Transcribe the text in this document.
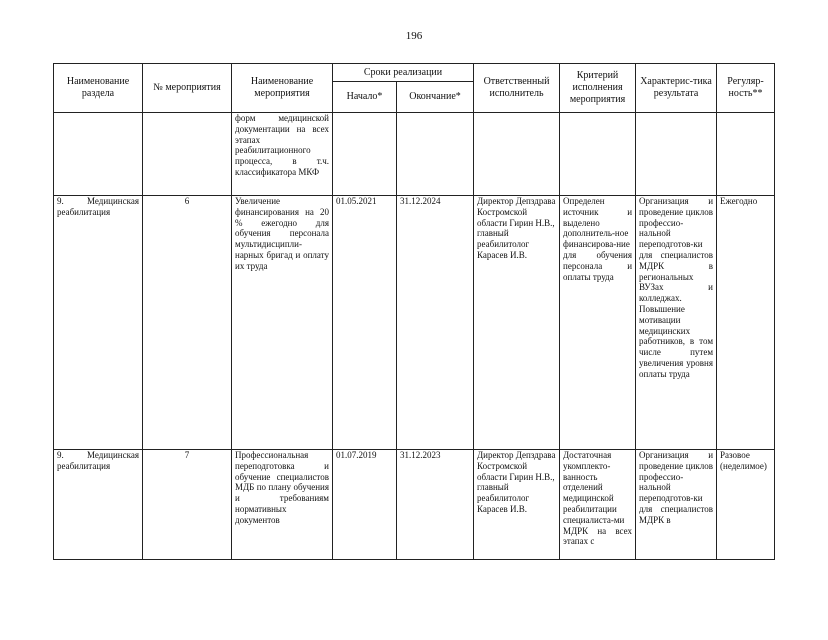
196
Наименование раздела	№ мероприятия	Наименование мероприятия	Сроки реализации		Ответственный исполнитель	Критерий исполнения мероприятия	Характерис-тика результата	Регуляр-ность**
			Начало*	Окончание*				
		форм медицинской документации на всех этапах реабилитационного процесса, в т.ч. классификатора МКФ						
9. Медицинская реабилитация	6	Увеличение финансирования на 20 % ежегодно для обучения персонала мультидисципли-нарных бригад и оплату их труда	01.05.2021	31.12.2024	Директор Депздрава Костромской области Гирин Н.В., главный реабилитолог Карасев И.В.	Определен источник и выделено дополнитель-ное финансирова-ние для обучения персонала и оплаты труда	Организация и проведение циклов профессио-нальной переподготов-ки для специалистов МДРК в региональных ВУЗах и колледжах. Повышение мотивации медицинских работников, в том числе путем увеличения уровня оплаты труда	Ежегодно
9. Медицинская реабилитация	7	Профессиональная переподготовка и обучение специалистов МДБ по плану обучения и требованиям нормативных документов	01.07.2019	31.12.2023	Директор Депздрава Костромской области Гирин Н.В., главный реабилитолог Карасев И.В.	Достаточная укомплекто-ванность отделений медицинской реабилитации специалиста-ми МДРК на всех этапах с	Организация и проведение циклов профессио-нальной переподготов-ки для специалистов МДРК в	Разовое (неделимое)
